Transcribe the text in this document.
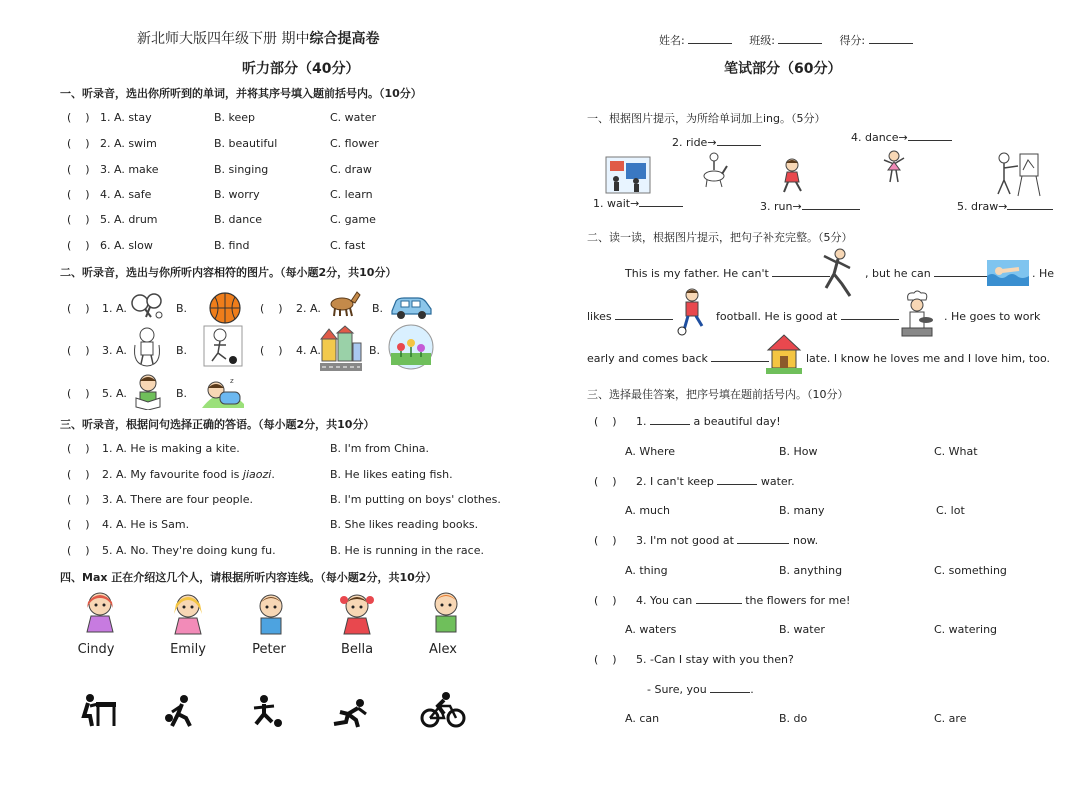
新北师大版四年级下册 期中综合提高卷
听力部分（40分）
一、听录音，选出你所听到的单词，并将其序号填入题前括号内。（10分）
(    ) 1. A. stay	B. keep	C. water
(    ) 2. A. swim	B. beautiful	C. flower
(    ) 3. A. make	B. singing	C. draw
(    ) 4. A. safe	B. worry	C. learn
(    ) 5. A. drum	B. dance	C. game
(    ) 6. A. slow	B. find	C. fast
二、听录音，选出与你所听内容相符的图片。（每小题2分，共10分）
(    ) 1. A.	B.	(    ) 2. A.	B.
(    ) 3. A.	B.	(    ) 4. A.	B.
(    ) 5. A.	B.
z
三、听录音，根据问句选择正确的答语。（每小题2分，共10分）
(    ) 1. A. He is making a kite.	B. I'm from China.
(    ) 2. A. My favourite food is jiaozi.	B. He likes eating fish.
(    ) 3. A. There are four people.	B. I'm putting on boys' clothes.
(    ) 4. A. He is Sam.	B. She likes reading books.
(    ) 5. A. No. They're doing kung fu.	B. He is running in the race.
四、Max 正在介绍这几个人，请根据所听内容连线。（每小题2分，共10分）
Cindy	Emily	Peter	Bella	Alex
姓名:	班级:	得分:
笔试部分（60分）
一、根据图片提示，为所给单词加上ing。（5分）
2. ride→	4. dance→
1. wait→	3. run→	5. draw→
二、读一读，根据图片提示，把句子补充完整。（5分）
This is my father. He can't	, but he can	. He
likes	football. He is good at	. He goes to work
early and comes back	late. I know he loves me and I love him, too.
三、选择最佳答案，把序号填在题前括号内。（10分）
(    ) 1.	a beautiful day!
A. Where	B. How	C. What
(    ) 2. I can't keep	water.
A. much	B. many	C. lot
(    ) 3. I'm not good at	now.
A. thing	B. anything	C. something
(    ) 4. You can	the flowers for me!
A. waters	B. water	C. watering
(    ) 5. -Can I stay with you then?
- Sure, you	.
A. can	B. do	C. are
